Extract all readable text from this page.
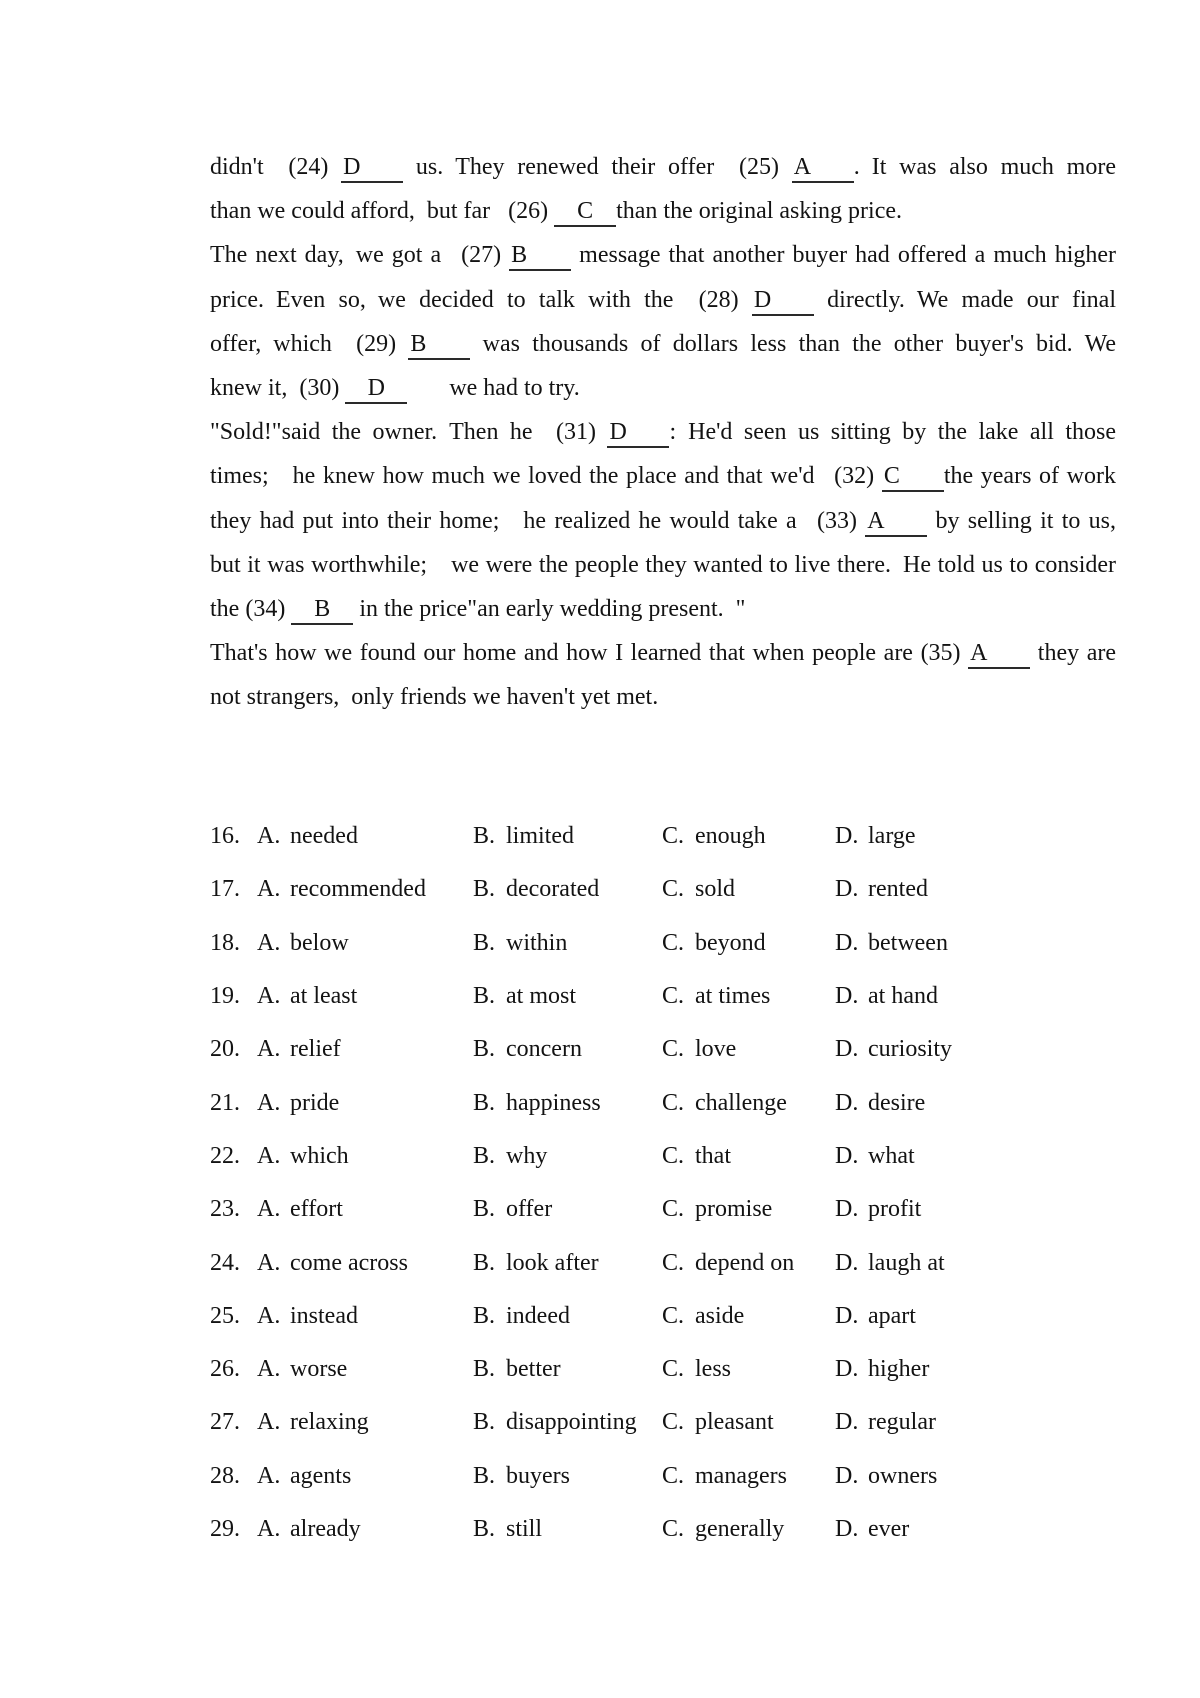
didn't  (24) D us. They renewed their offer  (25) A . It was also much more
than we could afford, but far  (26) C than the original asking price.
The next day, we got a  (27) B message that another buyer had offered a much higher
price. Even so, we decided to talk with the  (28) D directly. We made our final
offer, which  (29) B was thousands of dollars less than the other buyer's bid. We
knew it, (30) D    we had to try.
"Sold!"said the owner. Then he  (31) D : He'd seen us sitting by the lake all those
times;  he knew how much we loved the place and that we'd  (32) C the years of work
they had put into their home;  he realized he would take a  (33) A by selling it to us,
but it was worthwhile;  we were the people they wanted to live there. He told us to consider
the (34) B in the price"an early wedding present. "
That's how we found our home and how I learned that when people are (35) A they are
not strangers, only friends we haven't yet met.
16. A. needed	B. limited	C. enough	D. large
17. A. recommended	B. decorated	C. sold	D. rented
18. A. below	B. within	C. beyond	D. between
19. A. at least	B. at most	C. at times	D. at hand
20. A. relief	B. concern	C. love	D. curiosity
21. A. pride	B. happiness	C. challenge	D. desire
22. A. which	B. why	C. that	D. what
23. A. effort	B. offer	C. promise	D. profit
24. A. come across	B. look after	C. depend on	D. laugh at
25. A. instead	B. indeed	C. aside	D. apart
26. A. worse	B. better	C. less	D. higher
27. A. relaxing	B. disappointing	C. pleasant	D. regular
28. A. agents	B. buyers	C. managers	D. owners
29. A. already	B. still	C. generally	D. ever
